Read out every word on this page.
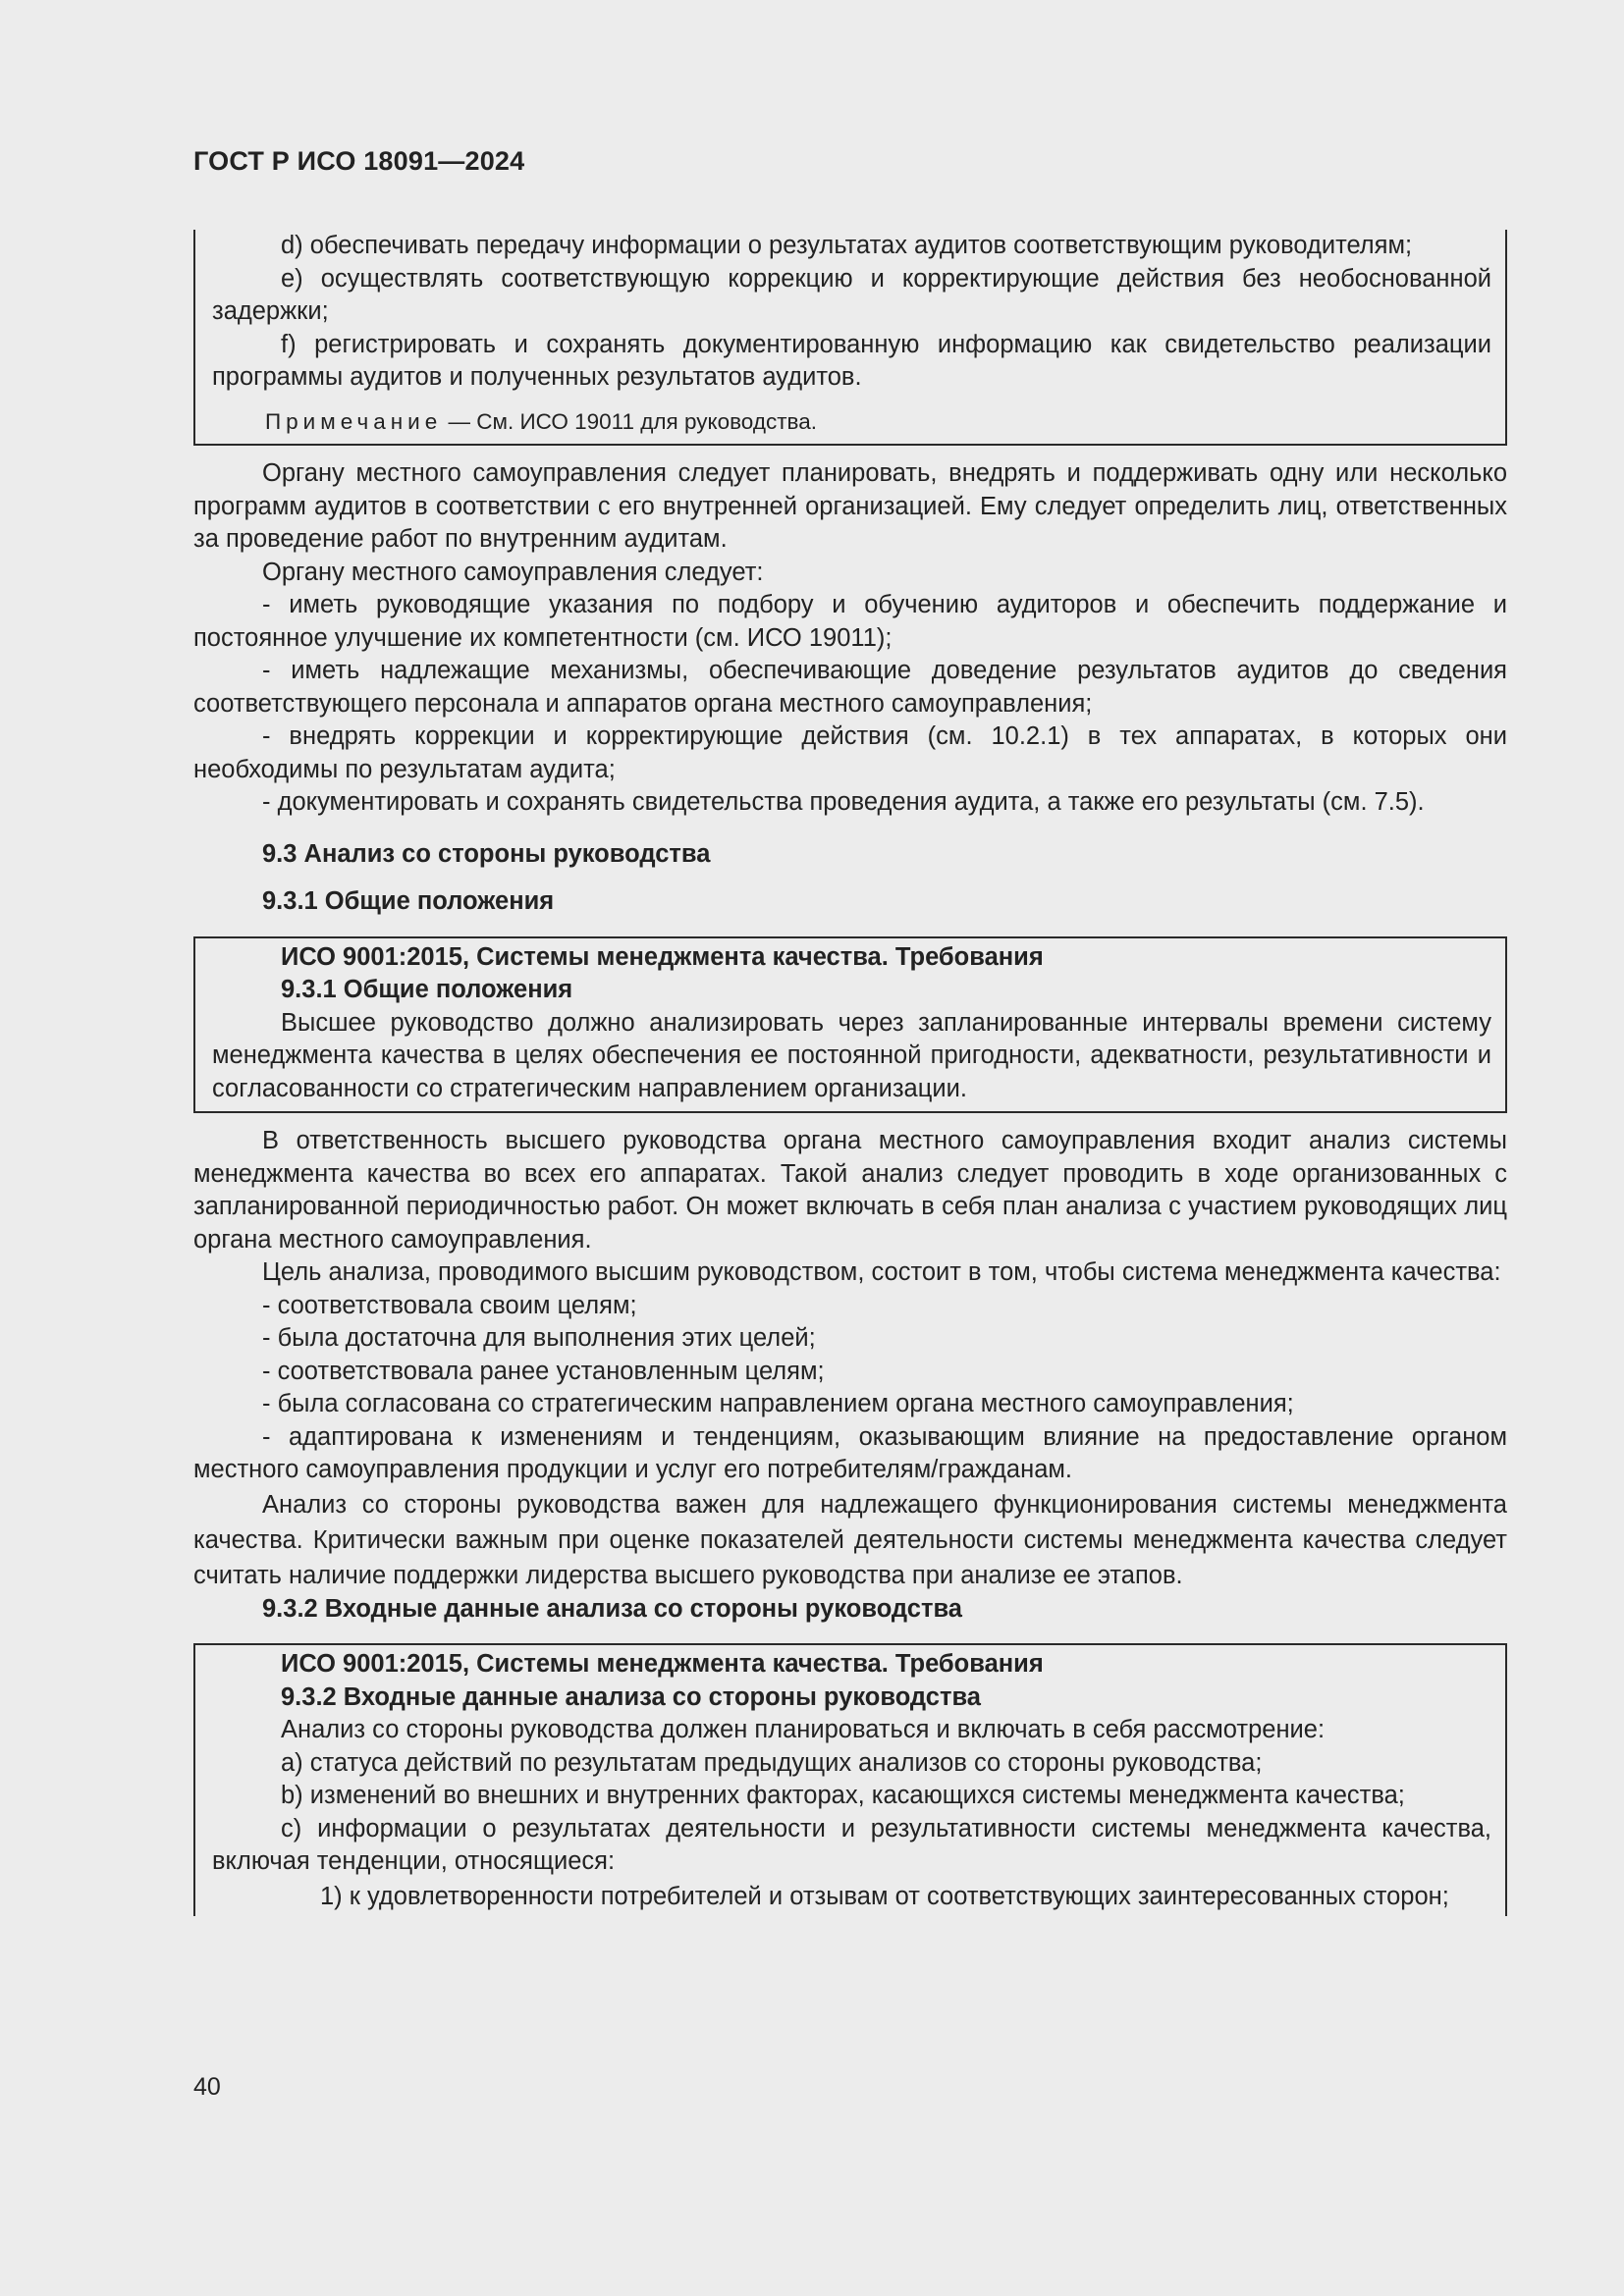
ГОСТ Р ИСО 18091—2024

d) обеспечивать передачу информации о результатах аудитов соответствующим руководителям;

e) осуществлять соответствующую коррекцию и корректирующие действия без необоснованной задержки;

f) регистрировать и сохранять документированную информацию как свидетельство реализации программы аудитов и полученных результатов аудитов.

Примечание — См. ИСО 19011 для руководства.

Органу местного самоуправления следует планировать, внедрять и поддерживать одну или несколько программ аудитов в соответствии с его внутренней организацией. Ему следует определить лиц, ответственных за проведение работ по внутренним аудитам.

Органу местного самоуправления следует:

- иметь руководящие указания по подбору и обучению аудиторов и обеспечить поддержание и постоянное улучшение их компетентности (см. ИСО 19011);

- иметь надлежащие механизмы, обеспечивающие доведение результатов аудитов до сведения соответствующего персонала и аппаратов органа местного самоуправления;

- внедрять коррекции и корректирующие действия (см. 10.2.1) в тех аппаратах, в которых они необходимы по результатам аудита;

- документировать и сохранять свидетельства проведения аудита, а также его результаты (см. 7.5).

9.3 Анализ со стороны руководства

9.3.1 Общие положения

ИСО 9001:2015, Системы менеджмента качества. Требования

9.3.1 Общие положения

Высшее руководство должно анализировать через запланированные интервалы времени систему менеджмента качества в целях обеспечения ее постоянной пригодности, адекватности, результативности и согласованности со стратегическим направлением организации.

В ответственность высшего руководства органа местного самоуправления входит анализ системы менеджмента качества во всех его аппаратах. Такой анализ следует проводить в ходе организованных с запланированной периодичностью работ. Он может включать в себя план анализа с участием руководящих лиц органа местного самоуправления.

Цель анализа, проводимого высшим руководством, состоит в том, чтобы система менеджмента качества:

- соответствовала своим целям;

- была достаточна для выполнения этих целей;

- соответствовала ранее установленным целям;

- была согласована со стратегическим направлением органа местного самоуправления;

- адаптирована к изменениям и тенденциям, оказывающим влияние на предоставление органом местного самоуправления продукции и услуг его потребителям/гражданам.

Анализ со стороны руководства важен для надлежащего функционирования системы менеджмента качества. Критически важным при оценке показателей деятельности системы менеджмента качества следует считать наличие поддержки лидерства высшего руководства при анализе ее этапов.

9.3.2 Входные данные анализа со стороны руководства

ИСО 9001:2015, Системы менеджмента качества. Требования

9.3.2 Входные данные анализа со стороны руководства

Анализ со стороны руководства должен планироваться и включать в себя рассмотрение:

a) статуса действий по результатам предыдущих анализов со стороны руководства;

b) изменений во внешних и внутренних факторах, касающихся системы менеджмента качества;

c) информации о результатах деятельности и результативности системы менеджмента качества, включая тенденции, относящиеся:

1) к удовлетворенности потребителей и отзывам от соответствующих заинтересованных сторон;

40
